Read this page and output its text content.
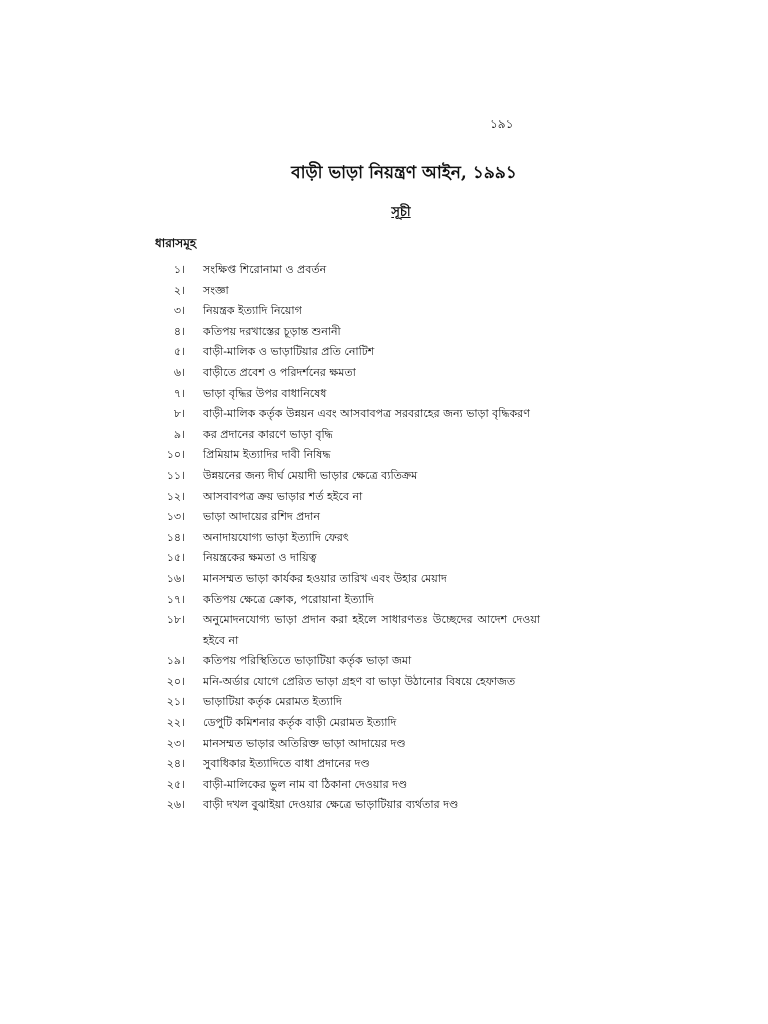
১৯১
বাড়ী ভাড়া নিয়ন্ত্রণ আইন, ১৯৯১
সূচী
ধারাসমূহ
১।	সংক্ষিপ্ত শিরোনামা ও প্রবর্তন
২।	সংজ্ঞা
৩।	নিয়ন্ত্রক ইত্যাদি নিয়োগ
৪।	কতিপয় দরখাস্তের চূড়ান্ত শুনানী
৫।	বাড়ী-মালিক ও ভাড়াটিয়ার প্রতি নোটিশ
৬।	বাড়ীতে প্রবেশ ও পরিদর্শনের ক্ষমতা
৭।	ভাড়া বৃদ্ধির উপর বাধানিষেধ
৮।	বাড়ী-মালিক কর্তৃক উন্নয়ন এবং আসবাবপত্র সরবরাহের জন্য ভাড়া বৃদ্ধিকরণ
৯।	কর প্রদানের কারণে ভাড়া বৃদ্ধি
১০।	প্রিমিয়াম ইত্যাদির দাবী নিষিদ্ধ
১১।	উন্নয়নের জন্য দীর্ঘ মেয়াদী ভাড়ার ক্ষেত্রে ব্যতিক্রম
১২।	আসবাবপত্র ক্রয় ভাড়ার শর্ত হইবে না
১৩।	ভাড়া আদায়ের রশিদ প্রদান
১৪।	অনাদায়যোগ্য ভাড়া ইত্যাদি ফেরৎ
১৫।	নিয়ন্ত্রকের ক্ষমতা ও দায়িত্ব
১৬।	মানসম্মত ভাড়া কার্যকর হওয়ার তারিখ এবং উহার মেয়াদ
১৭।	কতিপয় ক্ষেত্রে ক্রোক, পরোয়ানা ইত্যাদি
১৮।	অনুমোদনযোগ্য ভাড়া প্রদান করা হইলে সাধারণতঃ উচ্ছেদের আদেশ দেওয়া হইবে না
১৯।	কতিপয় পরিস্থিতিতে ভাড়াটিয়া কর্তৃক ভাড়া জমা
২০।	মনি-অর্ডার যোগে প্রেরিত ভাড়া গ্রহণ বা ভাড়া উঠানোর বিষয়ে হেফাজত
২১।	ভাড়াটিয়া কর্তৃক মেরামত ইত্যাদি
২২।	ডেপুটি কমিশনার কর্তৃক বাড়ী মেরামত ইত্যাদি
২৩।	মানসম্মত ভাড়ার অতিরিক্ত ভাড়া আদায়ের দণ্ড
২৪।	সুবাধিকার ইত্যাদিতে বাধা প্রদানের দণ্ড
২৫।	বাড়ী-মালিকের ভুল নাম বা ঠিকানা দেওয়ার দণ্ড
২৬।	বাড়ী দখল বুঝাইয়া দেওয়ার ক্ষেত্রে ভাড়াটিয়ার ব্যর্থতার দণ্ড
